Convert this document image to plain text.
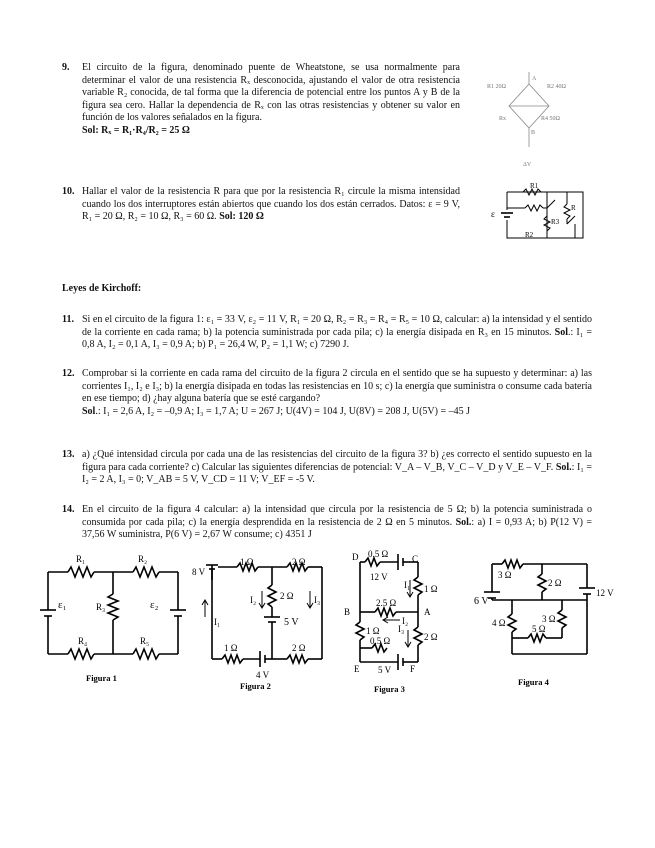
9. El circuito de la figura, denominado puente de Wheatstone, se usa normalmente para determinar el valor de una resistencia Rₓ desconocida, ajustando el valor de otra resistencia variable R₂ conocida, de tal forma que la diferencia de potencial entre los puntos A y B de la figura sea cero. Hallar la dependencia de Rₓ con las otras resistencias y obtener su valor en función de los valores señalados en la figura.
Sol: Rₓ = R₁·R₄/R₂ = 25 Ω
R1 20Ω	R2 40Ω
Rx	R4 50Ω
A
B
ΔV
10. Hallar el valor de la resistencia R para que por la resistencia R₁ circule la misma intensidad cuando los dos interruptores están abiertos que cuando los dos están cerrados. Datos: ε = 9 V, R₁ = 20 Ω, R₂ = 10 Ω, R₃ = 60 Ω. Sol: 120 Ω
R1
R2
R3
R
ε
Leyes de Kirchoff:
11. Si en el circuito de la figura 1: ε₁ = 33 V, ε₂ = 11 V, R₁ = 20 Ω, R₂ = R₃ = R₄ = R₅ = 10 Ω, calcular: a) la intensidad y el sentido de la corriente en cada rama; b) la potencia suministrada por cada pila; c) la energía disipada en R₃ en 15 minutos. Sol.: I₁ = 0,8 A, I₂ = 0,1 A, I₃ = 0,9 A; b) P₁ = 26,4 W, P₂ = 1,1 W; c) 7290 J.
12. Comprobar si la corriente en cada rama del circuito de la figura 2 circula en el sentido que se ha supuesto y determinar: a) las corrientes I₁, I₂ e I₃; b) la energía disipada en todas las resistencias en 10 s; c) la energía que suministra o consume cada batería en ese tiempo; d) ¿hay alguna batería que se esté cargando?
Sol.: I₁ = 2,6 A, I₂ = –0,9 A; I₃ = 1,7 A; U = 267 J; U(4V) = 104 J, U(8V) = 208 J, U(5V) = –45 J
13. a) ¿Qué intensidad circula por cada una de las resistencias del circuito de la figura 3? b) ¿es correcto el sentido supuesto en la figura para cada corriente? c) Calcular las siguientes diferencias de potencial: V_A – V_B, V_C – V_D y V_E – V_F. Sol.: I₁ = I₂ = 2 A, I₃ = 0; V_AB = 5 V, V_CD = 11 V; V_EF = -5 V.
14. En el circuito de la figura 4 calcular: a) la intensidad que circula por la resistencia de 5 Ω; b) la potencia suministrada o consumida por cada pila; c) la energía desprendida en la resistencia de 2 Ω en 5 minutos. Sol.: a) I = 0,93 A; b) P(12 V) = 37,56 W suministra, P(6 V) = 2,67 W consume; c) 4351 J
R₁	R₂
R₃
R₄	R₅
ε₁	ε₂
Figura 1
8 V
1 Ω	2 Ω
I₁
I₂	I₃
2 Ω
5 V
1 Ω	2 Ω
4 V
Figura 2
D	C
B	A
E	F
0.5 Ω
12 V
I₁ 1 Ω
2.5 Ω
I₃
1 Ω
I₂
0.5 Ω	2 Ω
5 V
Figura 3
3 Ω
2 Ω
6 V
12 V
4 Ω	3 Ω
5 Ω
Figura 4
